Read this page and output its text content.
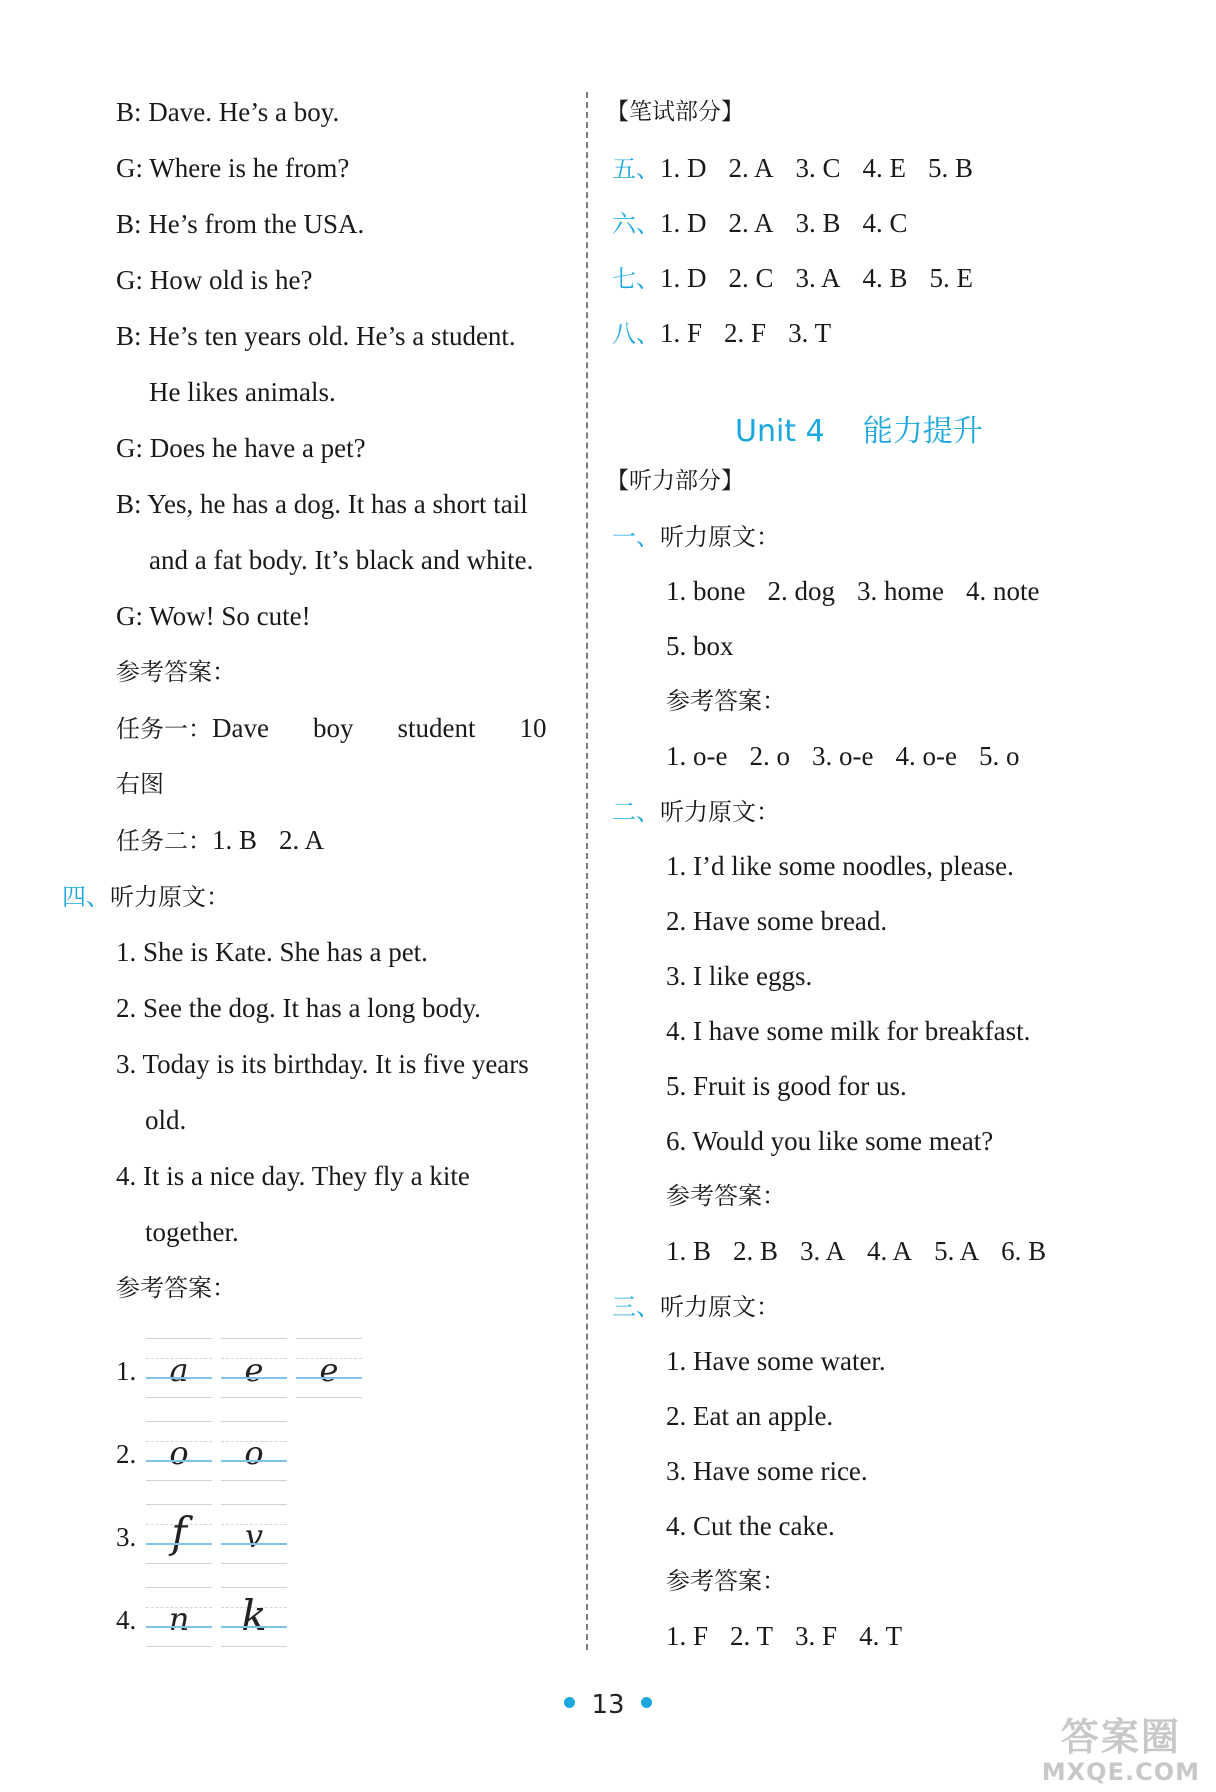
B: Dave. He’s a boy.
G: Where is he from?
B: He’s from the USA.
G: How old is he?
B: He’s ten years old. He’s a student.
He likes animals.
G: Does he have a pet?
B: Yes, he has a dog. It has a short tail
and a fat body. It’s black and white.
G: Wow! So cute!
参考答案：
任务一：Dave boy student 10
右图
任务二：1. B 2. A
四、听力原文：
1. She is Kate. She has a pet.
2. See the dog. It has a long body.
3. Today is its birthday. It is five years
old.
4. It is a nice day. They fly a kite
together.
参考答案：
1.	a	e	e
2.	o	o
3. f	v
4.	n	k
【笔试部分】
五、1. D 2. A 3. C 4. E 5. B
六、1. D 2. A 3. B 4. C
七、1. D 2. C 3. A 4. B 5. E
八、1. F 2. F 3. T
Unit 4    能力提升
【听力部分】
一、听力原文：
1. bone 2. dog 3. home 4. note
5. box
参考答案：
1. o-e 2. o 3. o-e 4. o-e 5. o
二、听力原文：
1. I’d like some noodles, please.
2. Have some bread.
3. I like eggs.
4. I have some milk for breakfast.
5. Fruit is good for us.
6. Would you like some meat?
参考答案：
1. B 2. B 3. A 4. A 5. A 6. B
三、听力原文：
1. Have some water.
2. Eat an apple.
3. Have some rice.
4. Cut the cake.
参考答案：
1. F 2. T 3. F 4. T
13
答案圈
MXQE.COM
